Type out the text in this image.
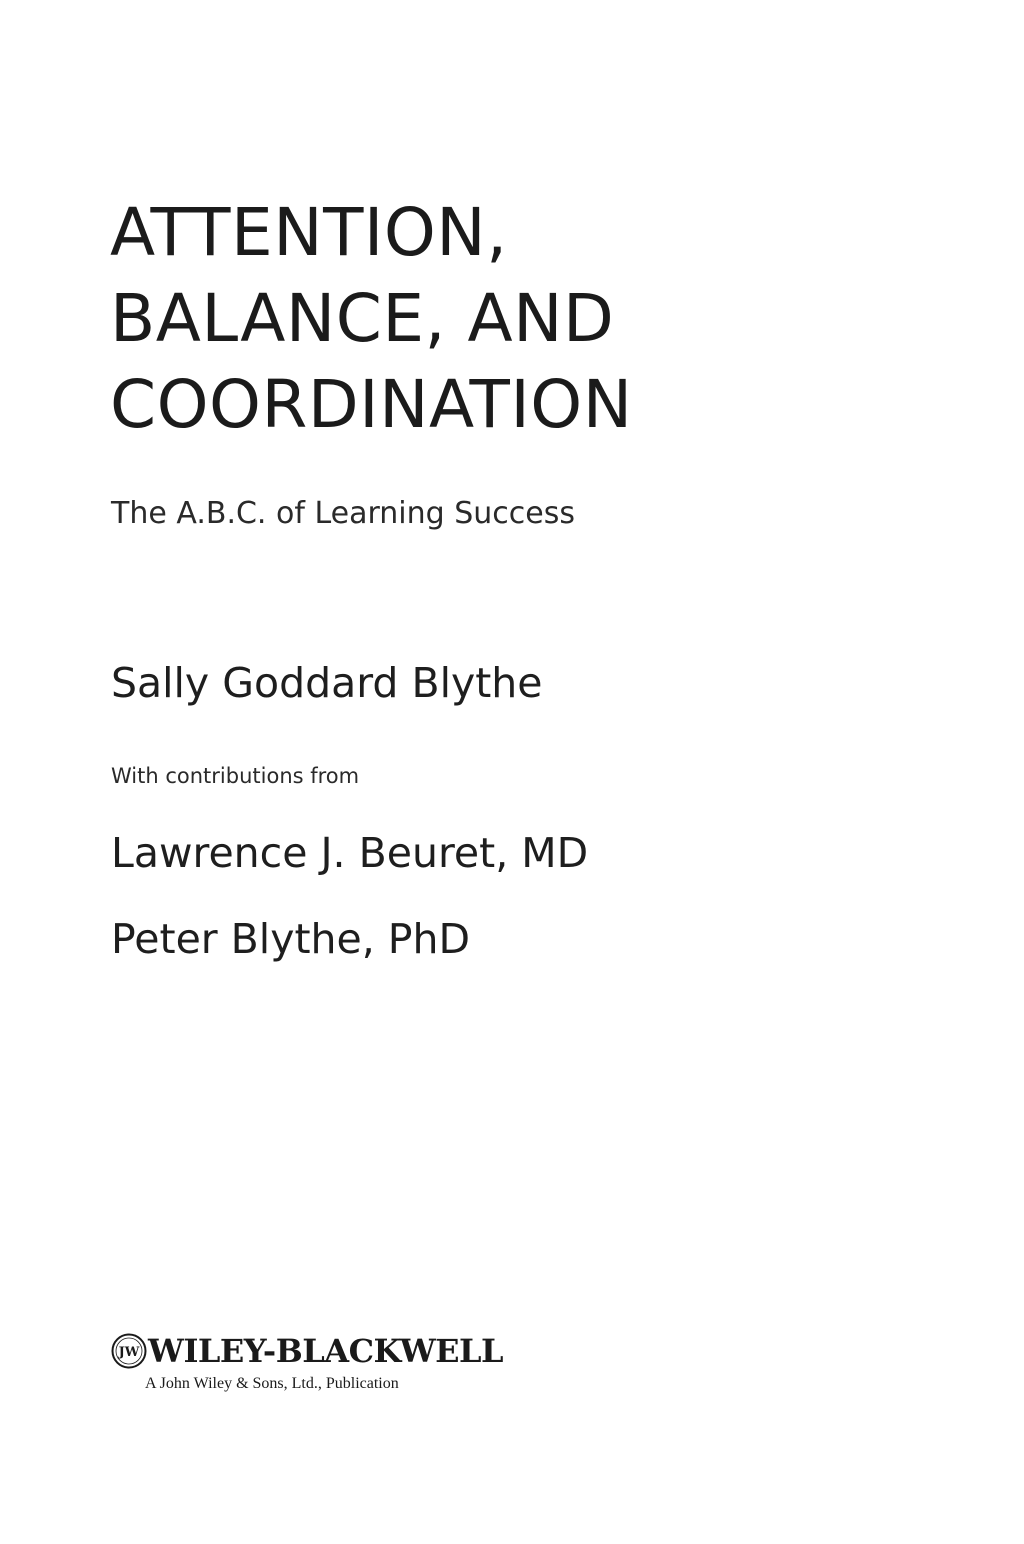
ATTENTION,
BALANCE, AND
COORDINATION
The A.B.C. of Learning Success
Sally Goddard Blythe
With contributions from
Lawrence J. Beuret, MD
Peter Blythe, PhD
JW WILEY-BLACKWELL
A John Wiley & Sons, Ltd., Publication
